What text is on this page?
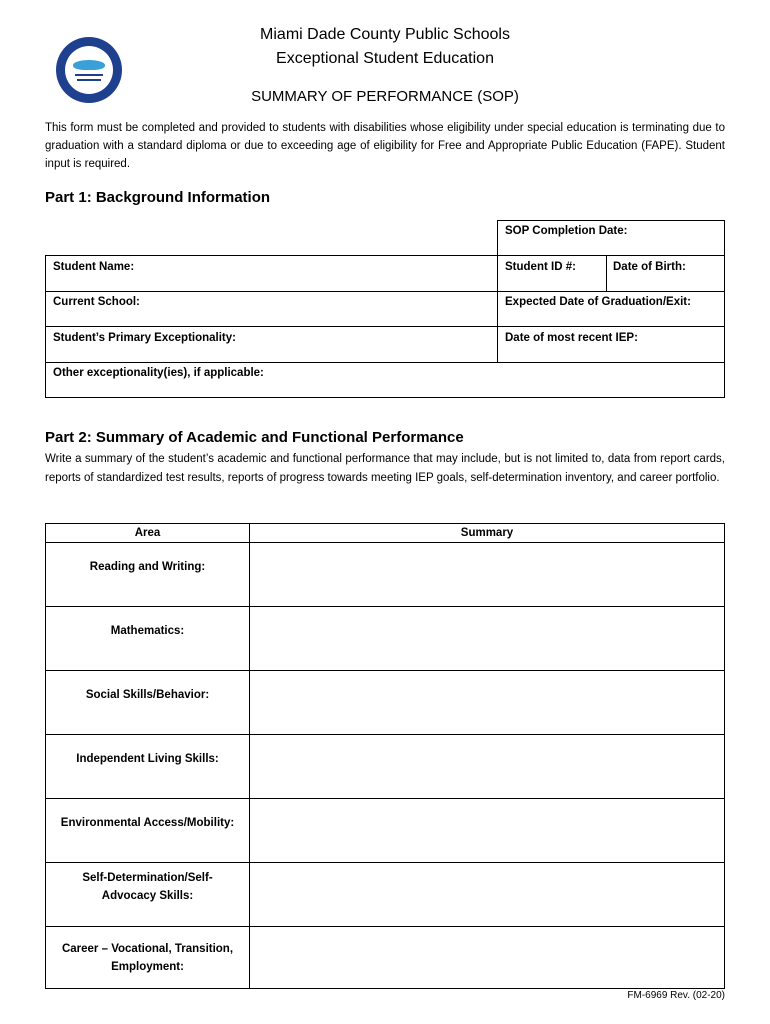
Miami Dade County Public Schools
Exceptional Student Education
SUMMARY OF PERFORMANCE (SOP)
This form must be completed and provided to students with disabilities whose eligibility under special education is terminating due to graduation with a standard diploma or due to exceeding age of eligibility for Free and Appropriate Public Education (FAPE). Student input is required.
Part 1: Background Information
SOP Completion Date:
Student Name:	Student ID #:	Date of Birth:
Current School:	Expected Date of Graduation/Exit:
Student’s Primary Exceptionality:	Date of most recent IEP:
Other exceptionality(ies), if applicable:
Part 2: Summary of Academic and Functional Performance
Write a summary of the student’s academic and functional performance that may include, but is not limited to, data from report cards, reports of standardized test results, reports of progress towards meeting IEP goals, self-determination inventory, and career portfolio.
Area	Summary
Reading and Writing:
Mathematics:
Social Skills/Behavior:
Independent Living Skills:
Environmental Access/Mobility:
Self-Determination/Self-Advocacy Skills:
Career – Vocational, Transition, Employment:
FM-6969 Rev. (02-20)
